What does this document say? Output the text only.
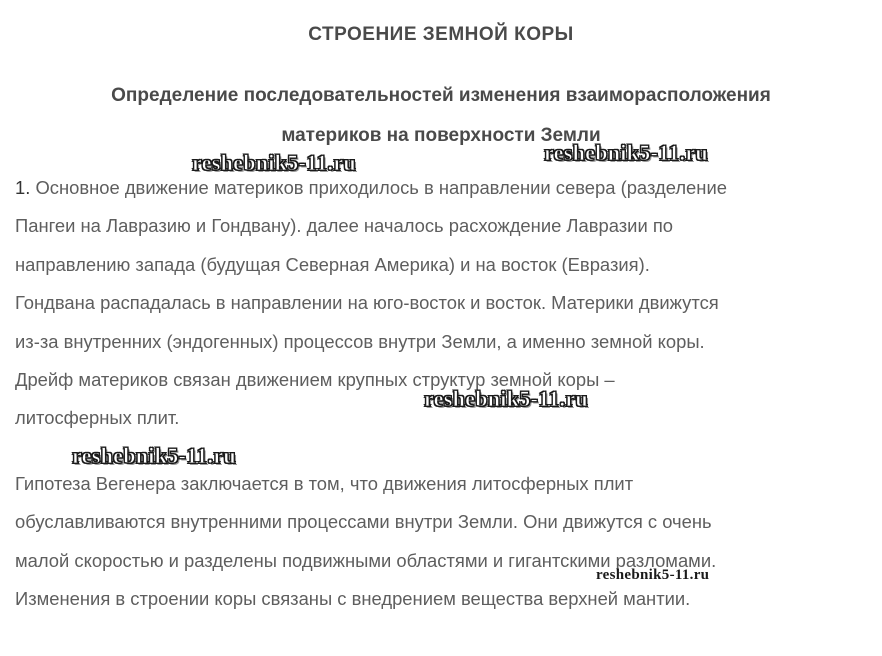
СТРОЕНИЕ ЗЕМНОЙ КОРЫ
Определение последовательностей изменения взаиморасположения
материков на поверхности Земли

1. Основное движение материков приходилось в направлении севера (разделение
Пангеи на Лавразию и Гондвану). далее началось расхождение Лавразии по
направлению запада (будущая Северная Америка) и на восток (Евразия).
Гондвана распадалась в направлении на юго-восток и восток. Материки движутся
из-за внутренних (эндогенных) процессов внутри Земли, а именно земной коры.
Дрейф материков связан движением крупных структур земной коры –
литосферных плит.

Гипотеза Вегенера заключается в том, что движения литосферных плит
обуславливаются внутренними процессами внутри Земли. Они движутся с очень
малой скоростью и разделены подвижными областями и гигантскими разломами.
Изменения в строении коры связаны с внедрением вещества верхней мантии.

reshebnik5-11.ru	reshebnik5-11.ru
reshebnik5-11.ru
reshebnik5-11.ru
reshebnik5-11.ru
